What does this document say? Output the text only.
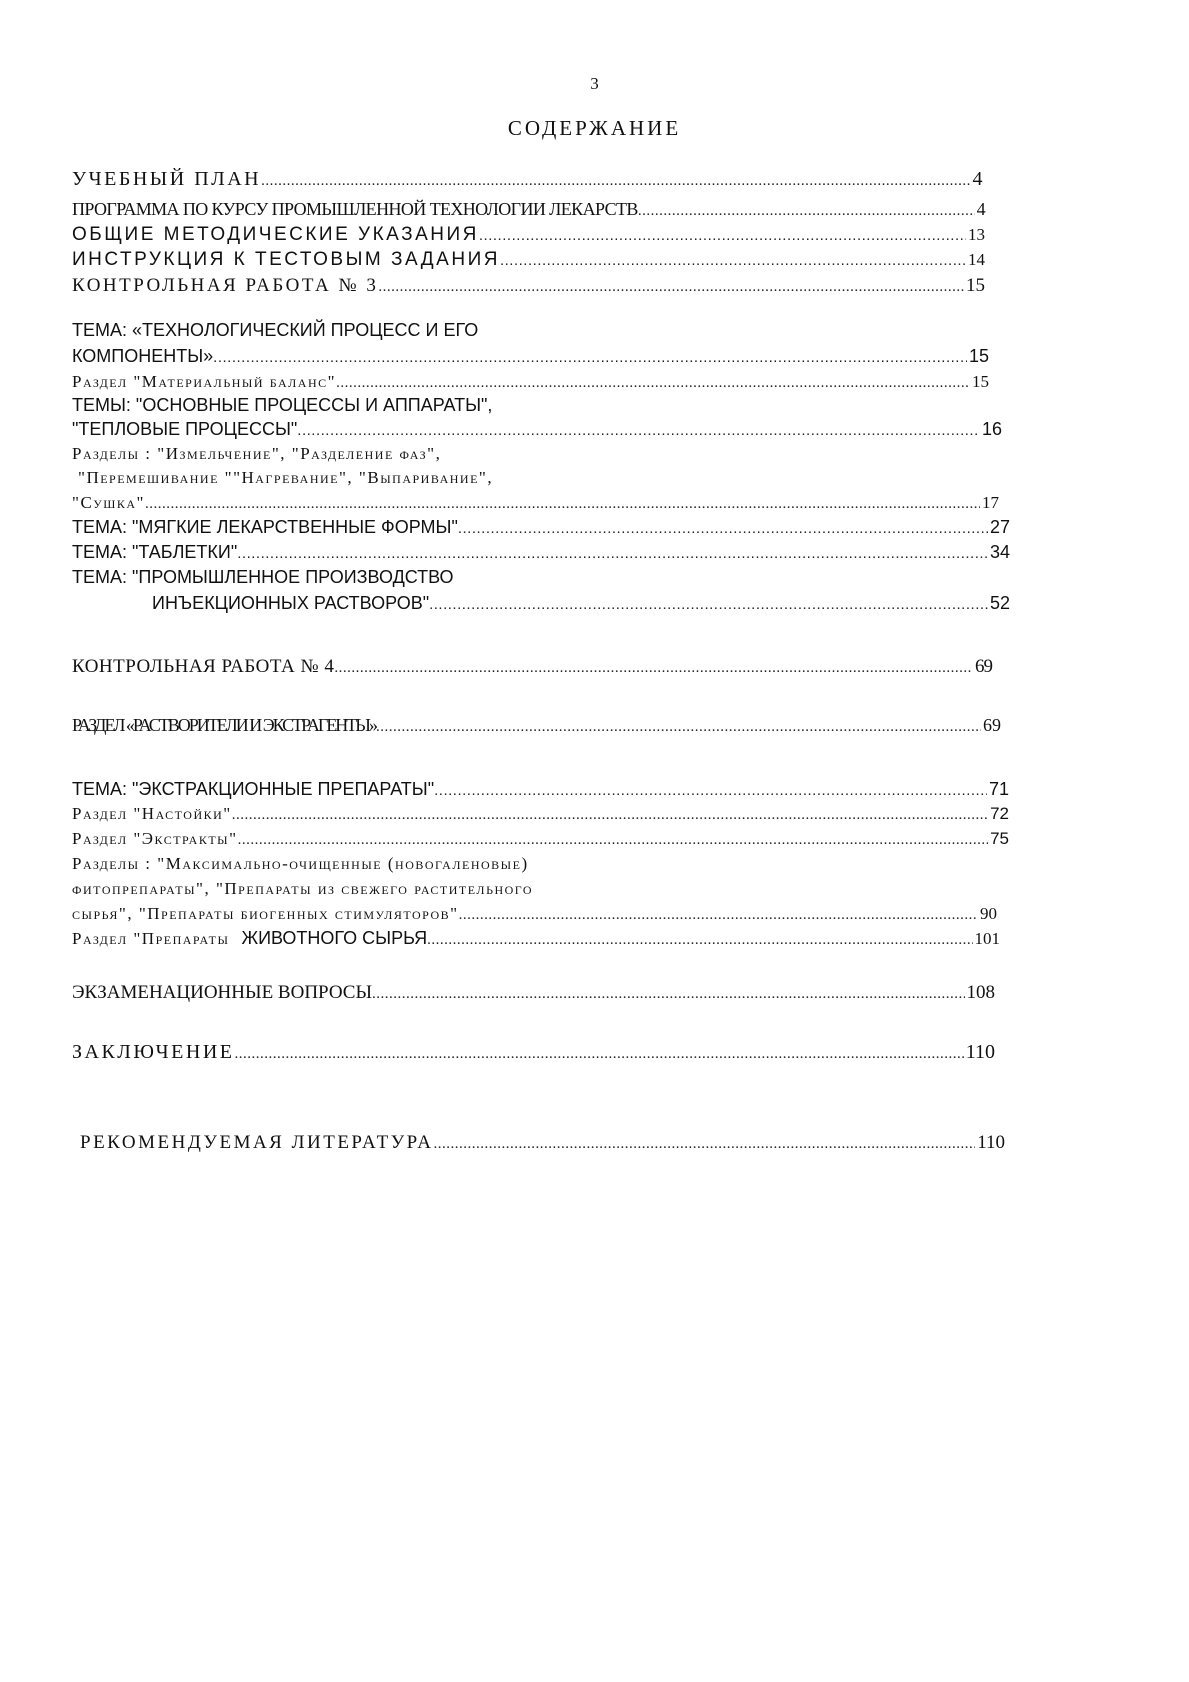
3
СОДЕРЖАНИЕ
УЧЕБНЫЙ ПЛАН .....	4
ПРОГРАММА ПО КУРСУ ПРОМЫШЛЕННОЙ ТЕХНОЛОГИИ ЛЕКАРСТВ .....	4
ОБЩИЕ МЕТОДИЧЕСКИЕ УКАЗАНИЯ .....	13
ИНСТРУКЦИЯ К ТЕСТОВЫМ ЗАДАНИЯ .....	14
КОНТРОЛЬНАЯ РАБОТА № 3 .....	15
ТЕМА: «ТЕХНОЛОГИЧЕСКИЙ ПРОЦЕСС И ЕГО
КОМПОНЕНТЫ» .....	15
Раздел "Материальный баланс" .....	15
ТЕМЫ: "ОСНОВНЫЕ ПРОЦЕССЫ И АППАРАТЫ",
"ТЕПЛОВЫЕ ПРОЦЕССЫ" .....	16
Разделы : "Измельчение", "Разделение фаз",
"Перемешивание ""Нагревание", "Выпаривание",
"Сушка" .....	17
ТЕМА: "МЯГКИЕ ЛЕКАРСТВЕННЫЕ ФОРМЫ" .....	27
ТЕМА: "ТАБЛЕТКИ" .....	34
ТЕМА: "ПРОМЫШЛЕННОЕ ПРОИЗВОДСТВО
ИНЪЕКЦИОННЫХ РАСТВОРОВ" .....	52
КОНТРОЛЬНАЯ РАБОТА № 4 .....	69
РАЗДЕЛ «РАСТВОРИТЕЛИ И ЭКСТРАГЕНТЫ» .....	69
ТЕМА: "ЭКСТРАКЦИОННЫЕ ПРЕПАРАТЫ" .....	71
Раздел "Настойки" .....	72
Раздел "Экстракты" .....	75
Разделы : "Максимально-очищенные (новогаленовые)
фитопрепараты", "Препараты из свежего растительного
сырья", "Препараты биогенных стимуляторов" .....	90
Раздел "Препараты ЖИВОТНОГО СЫРЬЯ .....	101
ЭКЗАМЕНАЦИОННЫЕ ВОПРОСЫ .....	108
ЗАКЛЮЧЕНИЕ .....	110
РЕКОМЕНДУЕМАЯ ЛИТЕРАТУРА .....	110
